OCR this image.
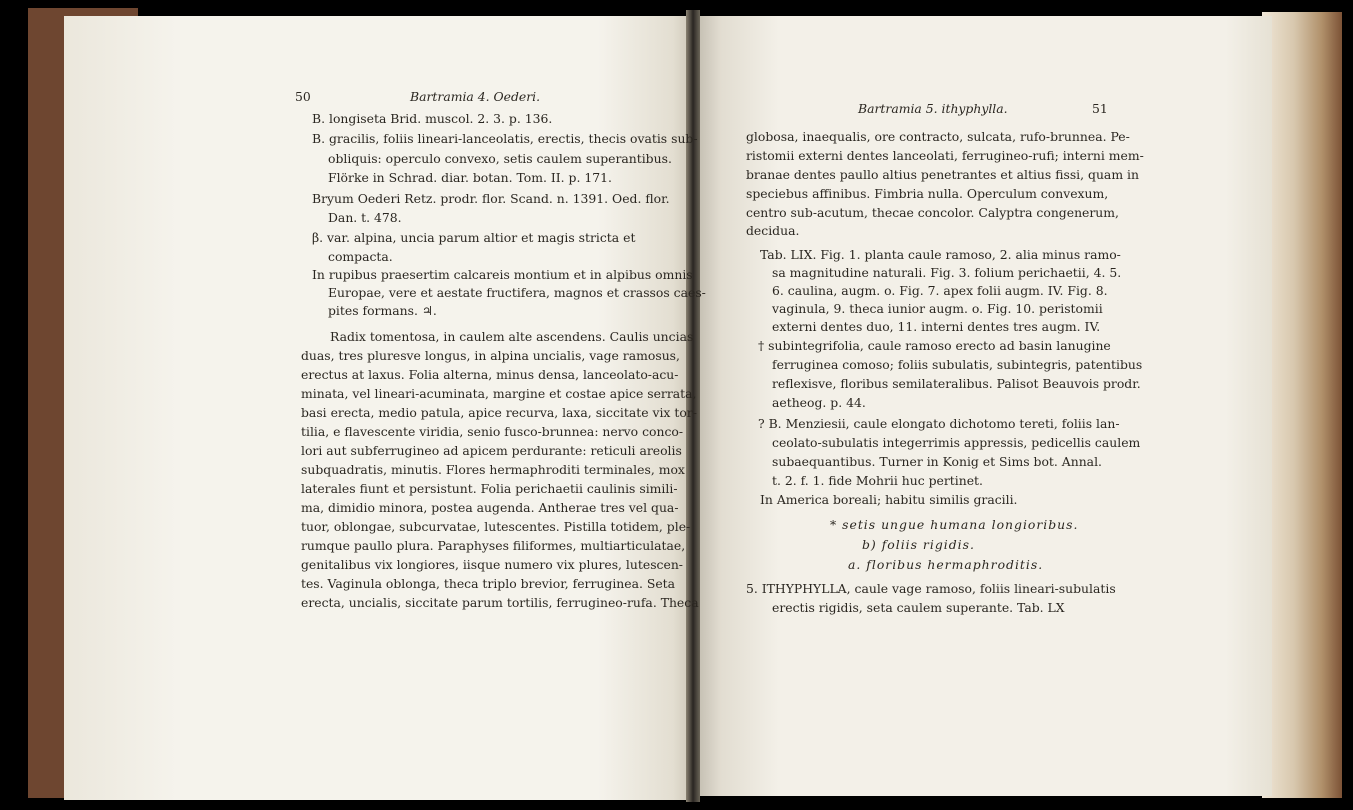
50	Bartramia 4. Oederi.
B. longiseta Brid. muscol. 2. 3. p. 136.
B. gracilis, foliis lineari-lanceolatis, erectis, thecis ovatis sub-
obliquis: operculo convexo, setis caulem superantibus.
Flörke in Schrad. diar. botan. Tom. II. p. 171.
Bryum Oederi Retz. prodr. flor. Scand. n. 1391. Oed. flor.
Dan. t. 478.
β. var. alpina, uncia parum altior et magis stricta et
compacta.
In rupibus praesertim calcareis montium et in alpibus omnis
Europae, vere et aestate fructifera, magnos et crassos caes-
pites formans. ♃.
Radix tomentosa, in caulem alte ascendens. Caulis uncias
duas, tres pluresve longus, in alpina uncialis, vage ramosus,
erectus at laxus. Folia alterna, minus densa, lanceolato-acu-
minata, vel lineari-acuminata, margine et costae apice serrata,
basi erecta, medio patula, apice recurva, laxa, siccitate vix tor-
tilia, e flavescente viridia, senio fusco-brunnea: nervo conco-
lori aut subferrugineo ad apicem perdurante: reticuli areolis
subquadratis, minutis. Flores hermaphroditi terminales, mox
laterales fiunt et persistunt. Folia perichaetii caulinis simili-
ma, dimidio minora, postea augenda. Antherae tres vel qua-
tuor, oblongae, subcurvatae, lutescentes. Pistilla totidem, ple-
rumque paullo plura. Paraphyses filiformes, multiarticulatae,
genitalibus vix longiores, iisque numero vix plures, lutescen-
tes. Vaginula oblonga, theca triplo brevior, ferruginea. Seta
erecta, uncialis, siccitate parum tortilis, ferrugineo-rufa. Theca
Bartramia 5. ithyphylla.	51
globosa, inaequalis, ore contracto, sulcata, rufo-brunnea. Pe-
ristomii externi dentes lanceolati, ferrugineo-rufi; interni mem-
branae dentes paullo altius penetrantes et altius fissi, quam in
speciebus affinibus. Fimbria nulla. Operculum convexum,
centro sub-acutum, thecae concolor. Calyptra congenerum,
decidua.
Tab. LIX. Fig. 1. planta caule ramoso, 2. alia minus ramo-
sa magnitudine naturali. Fig. 3. folium perichaetii, 4. 5.
6. caulina, augm. o. Fig. 7. apex folii augm. IV. Fig. 8.
vaginula, 9. theca iunior augm. o. Fig. 10. peristomii
externi dentes duo, 11. interni dentes tres augm. IV.
† subintegrifolia, caule ramoso erecto ad basin lanugine
ferruginea comoso; foliis subulatis, subintegris, patentibus
reflexisve, floribus semilateralibus. Palisot Beauvois prodr.
aetheog. p. 44.
? B. Menziesii, caule elongato dichotomo tereti, foliis lan-
ceolato-subulatis integerrimis appressis, pedicellis caulem
subaequantibus. Turner in Konig et Sims bot. Annal.
t. 2. f. 1. fide Mohrii huc pertinet.
In America boreali; habitu similis gracili.
* setis ungue humana longioribus.
b) foliis rigidis.
a. floribus hermaphroditis.
5. ITHYPHYLLA, caule vage ramoso, foliis lineari-subulatis
erectis rigidis, seta caulem superante. Tab. LX
